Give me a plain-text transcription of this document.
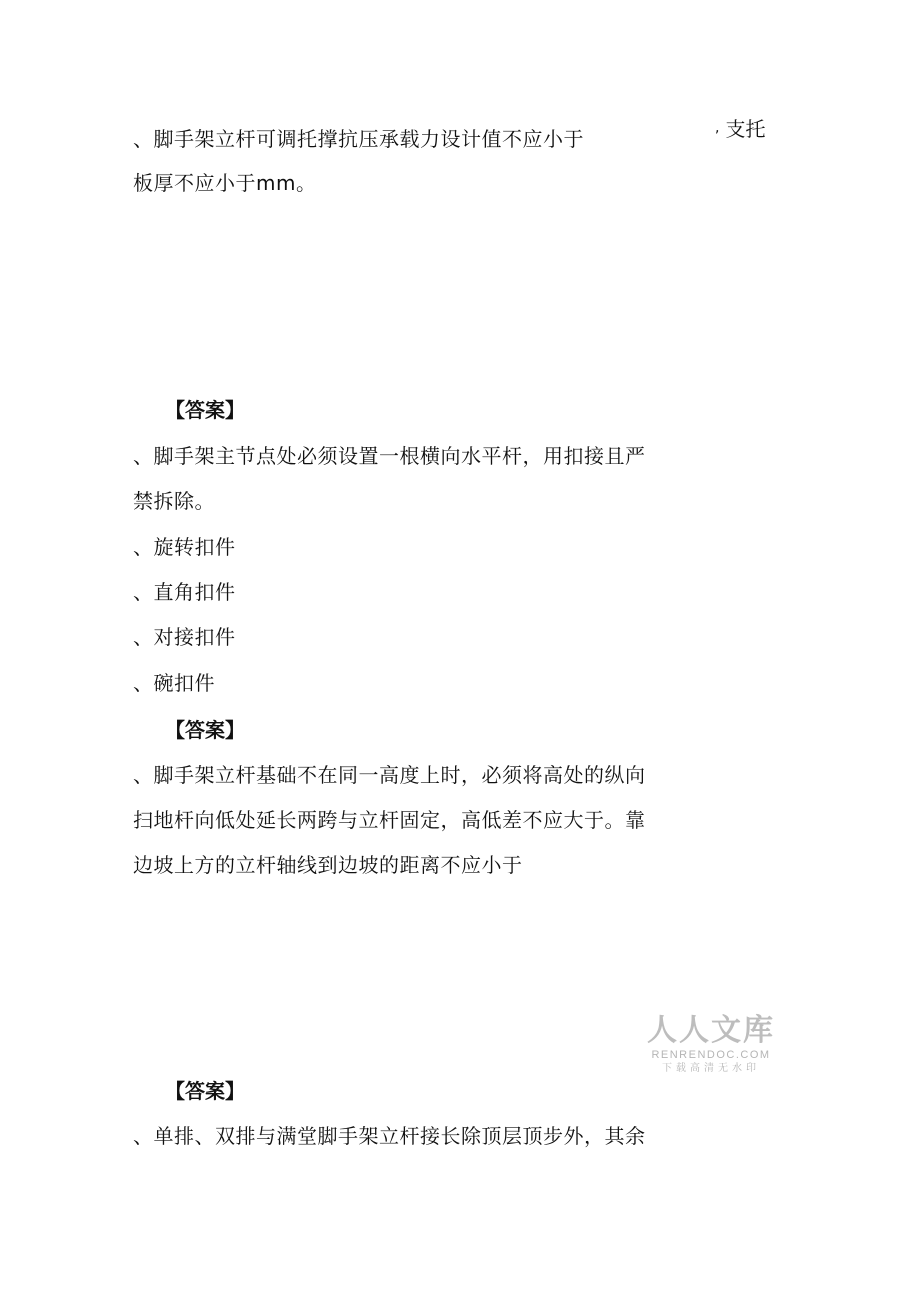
、脚手架立杆可调托撑抗压承载力设计值不应小于	, 支托
板厚不应小于mm。
【答案】
、脚手架主节点处必须设置一根横向水平杆，用扣接且严
禁拆除。
、旋转扣件
、直角扣件
、对接扣件
、碗扣件
【答案】
、脚手架立杆基础不在同一高度上时，必须将高处的纵向
扫地杆向低处延长两跨与立杆固定，高低差不应大于。靠
边坡上方的立杆轴线到边坡的距离不应小于
人人文库
RENRENDOC.COM
下载高清无水印
【答案】
、单排、双排与满堂脚手架立杆接长除顶层顶步外，其余
